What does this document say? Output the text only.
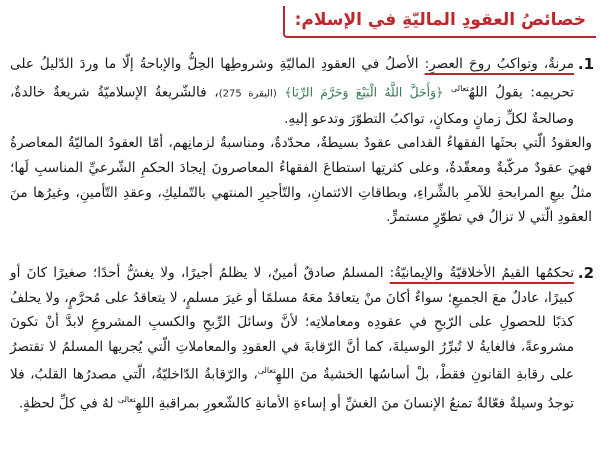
خصائصُ العقودِ الماليّةِ في الإسلام:
1.

مرنةٌ، وتواكبُ روحَ العصرِ: الأصلُ في العقودِ الماليّةِ وشروطِها الحِلُّ والإباحةُ إلّا ما وردَ الدّليلُ على تحريمِه: يقولُ اللهُ$^{تعالى}$ ﴿وَأَحَلَّ اللَّهُ الْبَيْعَ وَحَرَّمَ الرِّبَا﴾ (البقرة 275)، فالشّريعةُ الإسلاميّةُ شريعةٌ خالدةٌ، وصالحةٌ لكلِّ زمانٍ ومكانٍ، تواكبُ التطوّرَ وتدعو إليهِ.

والعقودُ الّتي بحثَها الفقهاءُ القدامى عقودٌ بسيطةٌ، محدّدةٌ، ومناسبةٌ لزمانِهم، أمّا العقودُ الماليّةُ المعاصرةُ فهيَ عقودٌ مركّبةٌ ومعقّدةٌ، وعلى كثرتِها استطاعَ الفقهاءُ المعاصرونَ إيجادَ الحكمِ الشّرعيِّ المناسبِ لَها؛ مثلُ بيعِ المرابحةِ للآمرِ بالشِّراءِ، وبطاقاتِ الائتمانِ، والتّأجيرِ المنتهي بالتّمليكِ، وعقدِ التّأمينِ، وغيرُها منَ العقودِ الّتي لا تزالُ في تطوّرٍ مستمرٍّ.

2.

تحكمُها القيمُ الأخلاقيّةُ والإيمانيّةُ: المسلمُ صادقٌ أمينٌ، لا يظلمُ أجيرًا، ولا يغشُّ أحدًا؛ صغيرًا كانَ أو كبيرًا، عادلٌ معَ الجميعِ؛ سواءٌ أكانَ منْ يتعاقدُ معَهُ مسلمًا أو غيرَ مسلمٍ، لا يتعاقدُ على مُحرَّمٍ، ولا يحلفُ كذبًا للحصولِ على الرّبحِ في عقودِه ومعاملاتِه؛ لأنَّ وسائلَ الرِّبحِ والكسبِ المشروعِ لابدَّ أنْ تكونَ مشروعةً، فالغايةُ لا تُبرِّرُ الوسيلةَ، كما أنَّ الرّقابةَ في العقودِ والمعاملاتِ الّتي يُجريها المسلمُ لا تقتصرُ على رقابةِ القانونِ فقطْ، بلْ أساسُها الخشيةُ منَ اللهِ$^{تعالى}$، والرّقابةُ الدّاخليّةُ، الّتي مصدرُها القلبُ، فلا توجدُ وسيلةٌ فعّالةٌ تمنعُ الإنسانَ منَ الغشِّ أو إساءةِ الأمانةِ كالشّعورِ بمراقبةِ اللهِ$^{تعالى}$ لهُ في كلِّ لحظةٍ.
